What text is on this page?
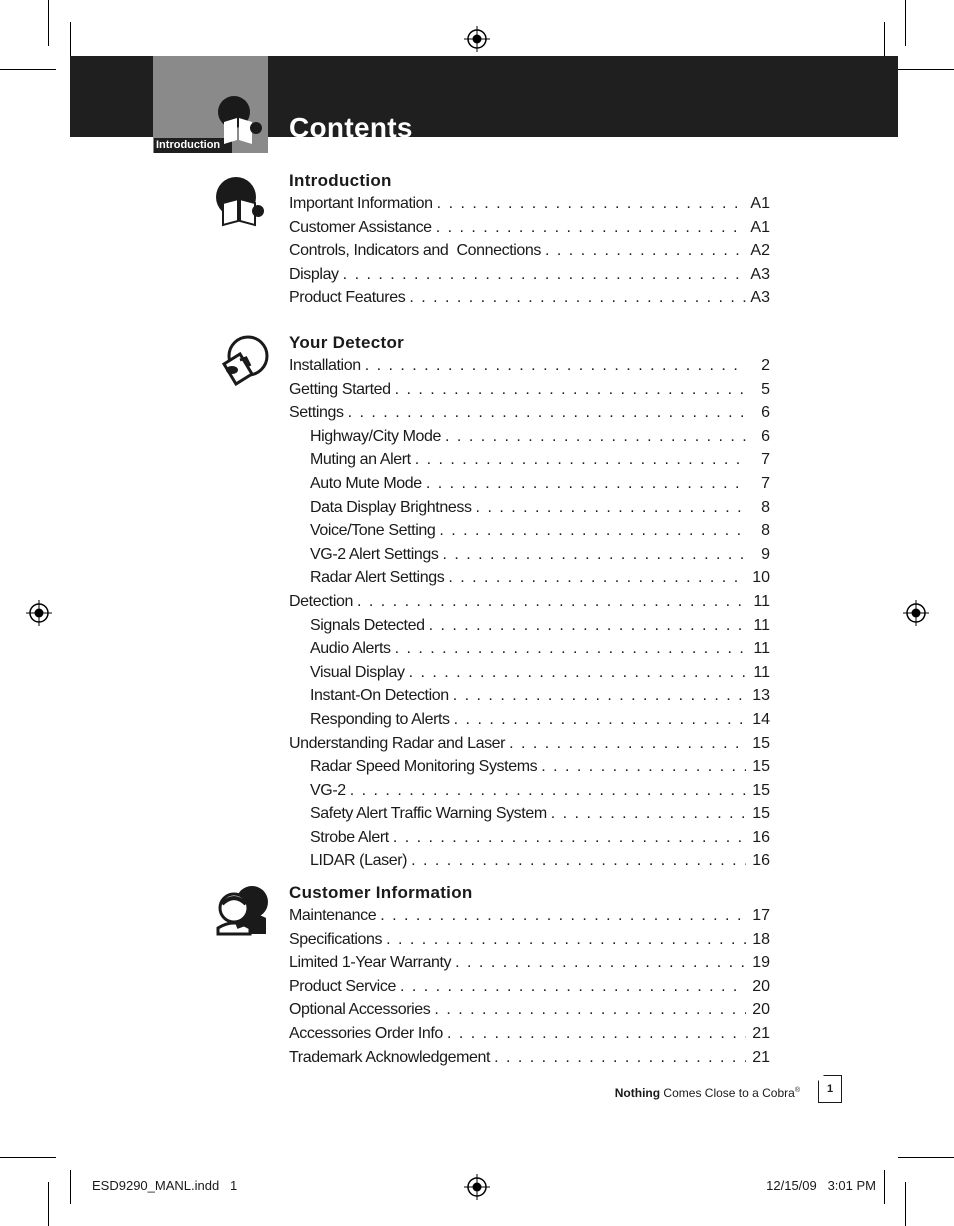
Introduction
Contents
Introduction
Important Information . . .	A1
Customer Assistance . . .	A1
Controls, Indicators and  Connections . . .	A2
Display . . .	A3
Product Features . . .	A3
Your Detector
Installation . . .	2
Getting Started . . .	5
Settings . . .	6
Highway/City Mode . . .	6
Muting an Alert . . .	7
Auto Mute Mode . . .	7
Data Display Brightness . . .	8
Voice/Tone Setting . . .	8
VG-2 Alert Settings . . .	9
Radar Alert Settings . . .	10
Detection . . .	11
Signals Detected . . .	11
Audio Alerts . . .	11
Visual Display . . .	11
Instant-On Detection . . .	13
Responding to Alerts . . .	14
Understanding Radar and Laser . . .	15
Radar Speed Monitoring Systems . . .	15
VG-2 . . .	15
Safety Alert Traffic Warning System . . .	15
Strobe Alert . . .	16
LIDAR (Laser) . . .	16
Customer Information
Maintenance . . .	17
Specifications . . .	18
Limited 1-Year Warranty . . .	19
Product Service . . .	20
Optional Accessories . . .	20
Accessories Order Info . . .	21
Trademark Acknowledgement . . .	21
Nothing Comes Close to a Cobra®	1
ESD9290_MANL.indd   1	12/15/09   3:01 PM
